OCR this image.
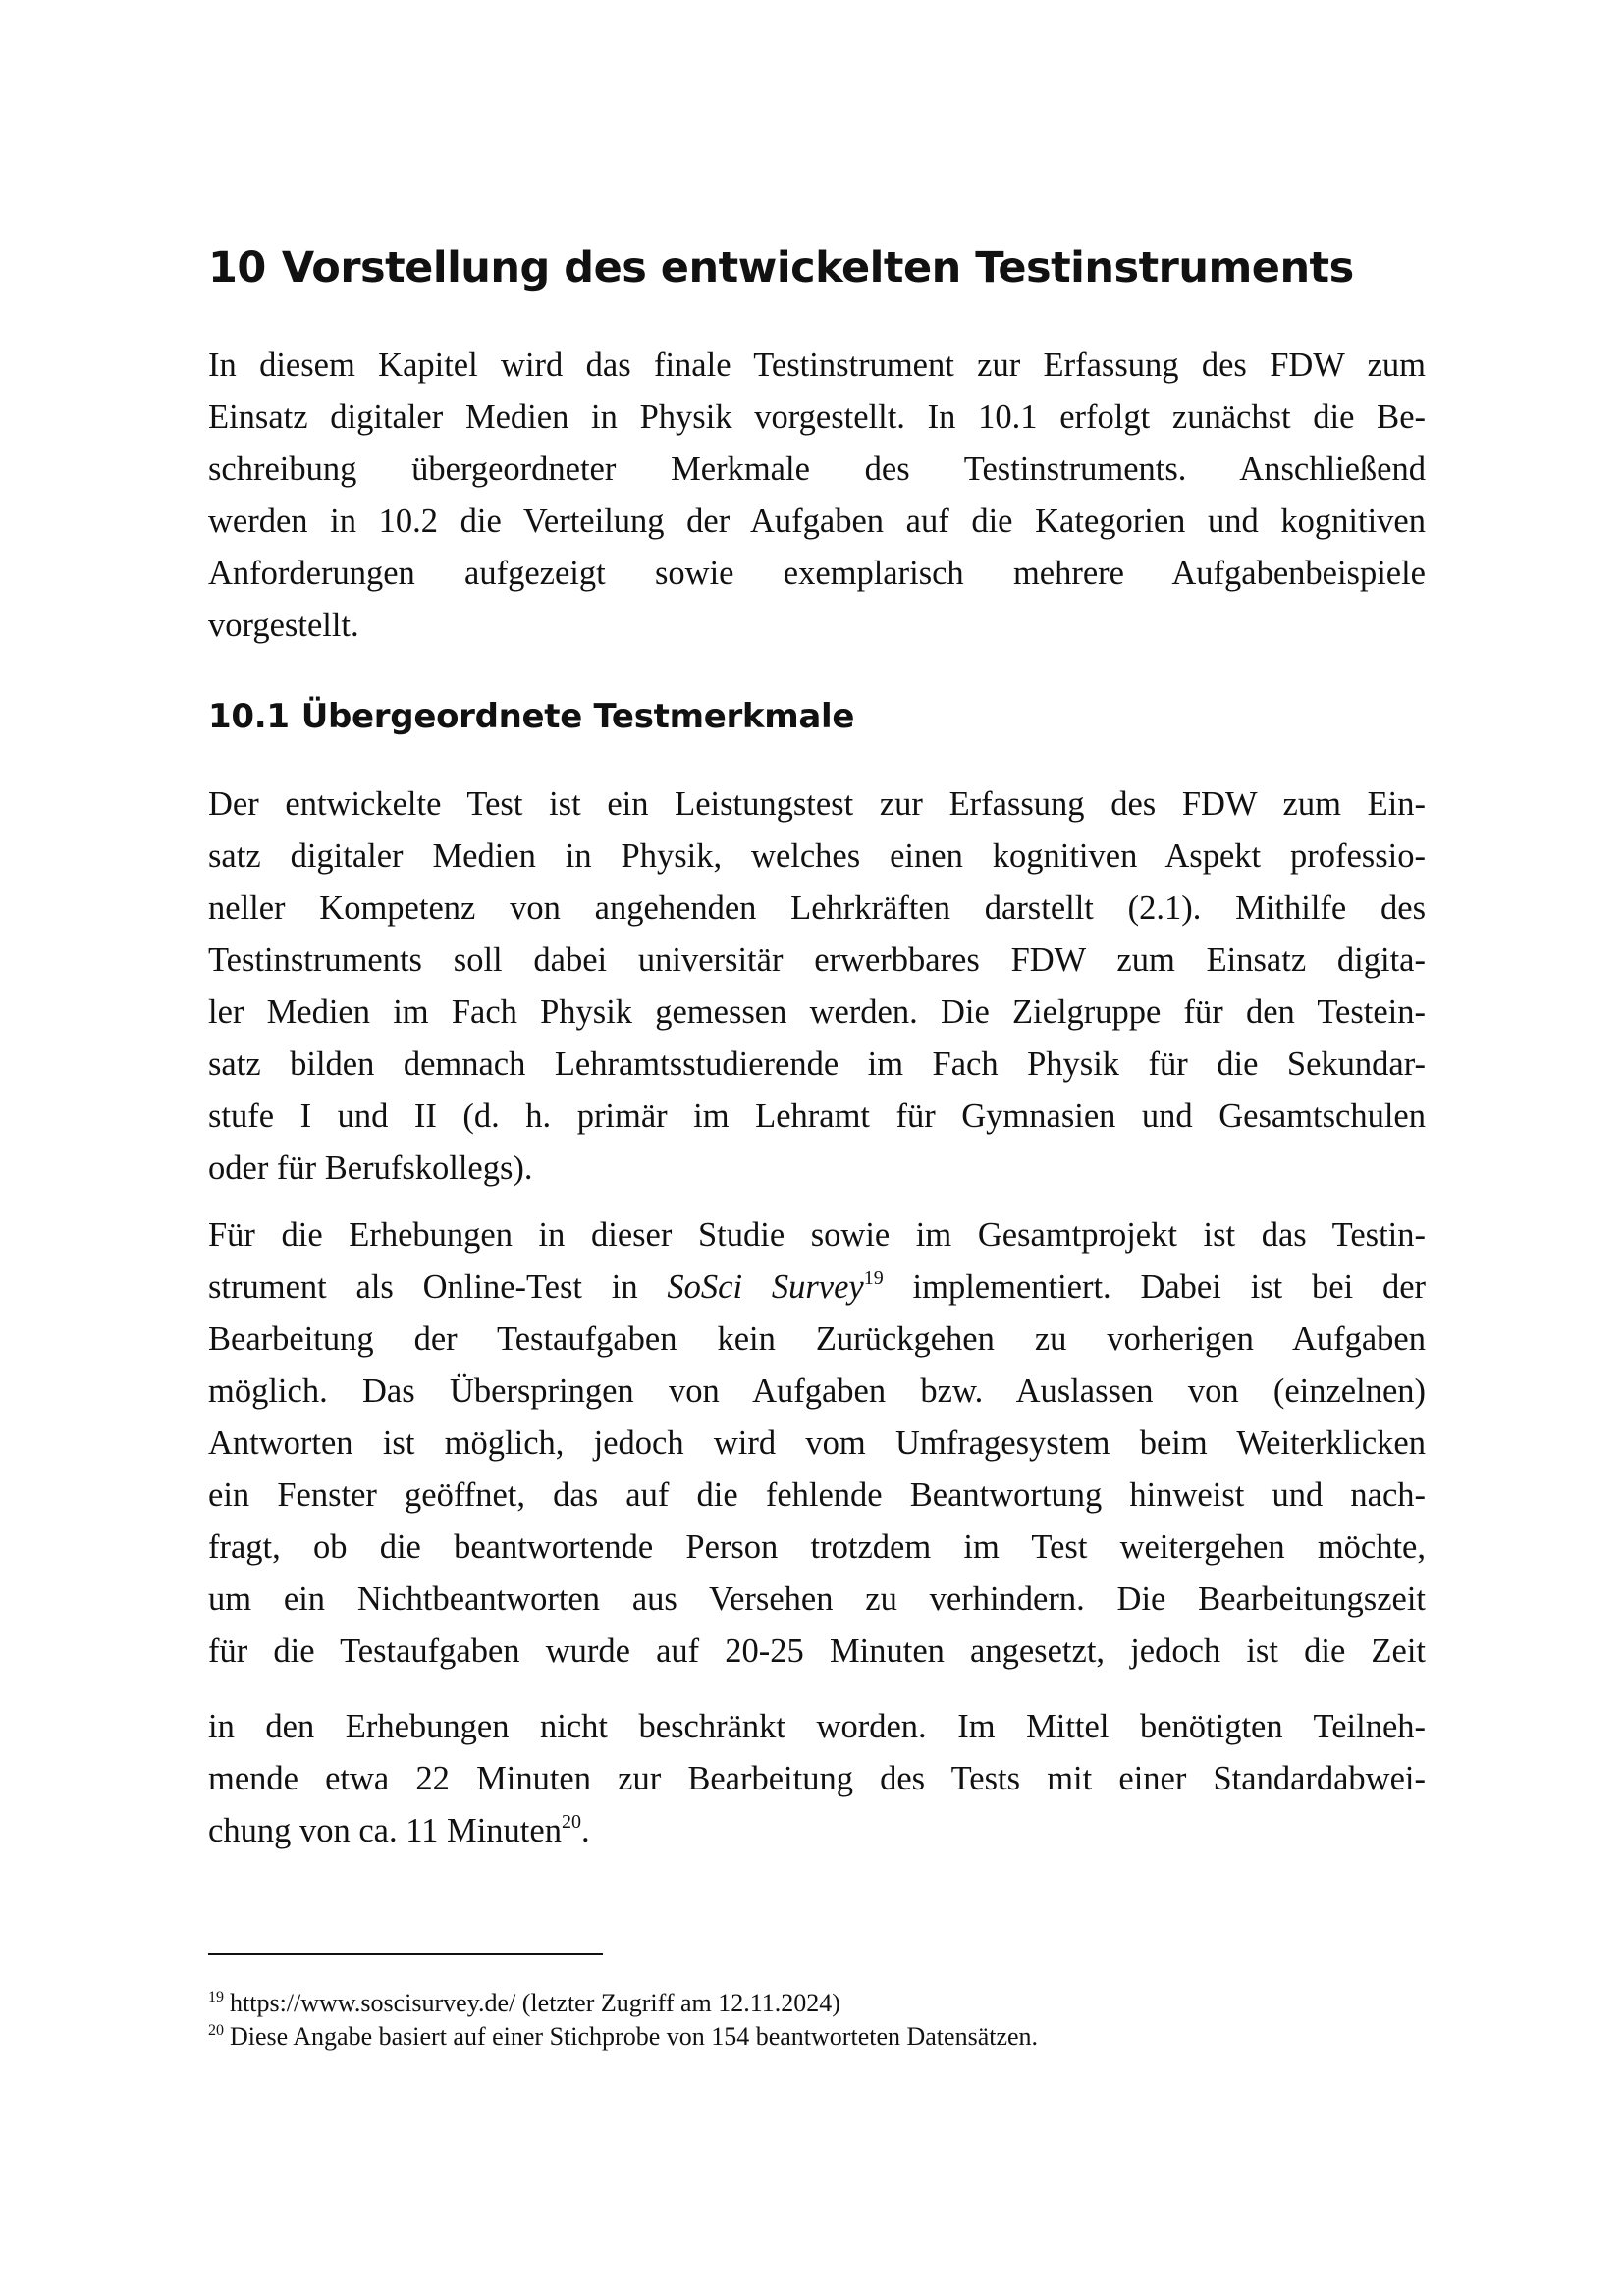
10 Vorstellung des entwickelten Testinstruments
In diesem Kapitel wird das finale Testinstrument zur Erfassung des FDW zum
Einsatz digitaler Medien in Physik vorgestellt. In 10.1 erfolgt zunächst die Be-
schreibung übergeordneter Merkmale des Testinstruments. Anschließend
werden in 10.2 die Verteilung der Aufgaben auf die Kategorien und kognitiven
Anforderungen aufgezeigt sowie exemplarisch mehrere Aufgabenbeispiele
vorgestellt.
10.1 Übergeordnete Testmerkmale
Der entwickelte Test ist ein Leistungstest zur Erfassung des FDW zum Ein-
satz digitaler Medien in Physik, welches einen kognitiven Aspekt professio-
neller Kompetenz von angehenden Lehrkräften darstellt (2.1). Mithilfe des
Testinstruments soll dabei universitär erwerbbares FDW zum Einsatz digita-
ler Medien im Fach Physik gemessen werden. Die Zielgruppe für den Testein-
satz bilden demnach Lehramtsstudierende im Fach Physik für die Sekundar-
stufe I und II (d. h. primär im Lehramt für Gymnasien und Gesamtschulen
oder für Berufskollegs).
Für die Erhebungen in dieser Studie sowie im Gesamtprojekt ist das Testin-
strument als Online-Test in SoSci Survey$^{19}$ implementiert. Dabei ist bei der
Bearbeitung der Testaufgaben kein Zurückgehen zu vorherigen Aufgaben
möglich. Das Überspringen von Aufgaben bzw. Auslassen von (einzelnen)
Antworten ist möglich, jedoch wird vom Umfragesystem beim Weiterklicken
ein Fenster geöffnet, das auf die fehlende Beantwortung hinweist und nach-
fragt, ob die beantwortende Person trotzdem im Test weitergehen möchte,
um ein Nichtbeantworten aus Versehen zu verhindern. Die Bearbeitungszeit
für die Testaufgaben wurde auf 20-25 Minuten angesetzt, jedoch ist die Zeit
in den Erhebungen nicht beschränkt worden. Im Mittel benötigten Teilneh-
mende etwa 22 Minuten zur Bearbeitung des Tests mit einer Standardabwei-
chung von ca. 11 Minuten$^{20}$.
$^{19}$ https://www.soscisurvey.de/ (letzter Zugriff am 12.11.2024)
$^{20}$ Diese Angabe basiert auf einer Stichprobe von 154 beantworteten Datensätzen.
